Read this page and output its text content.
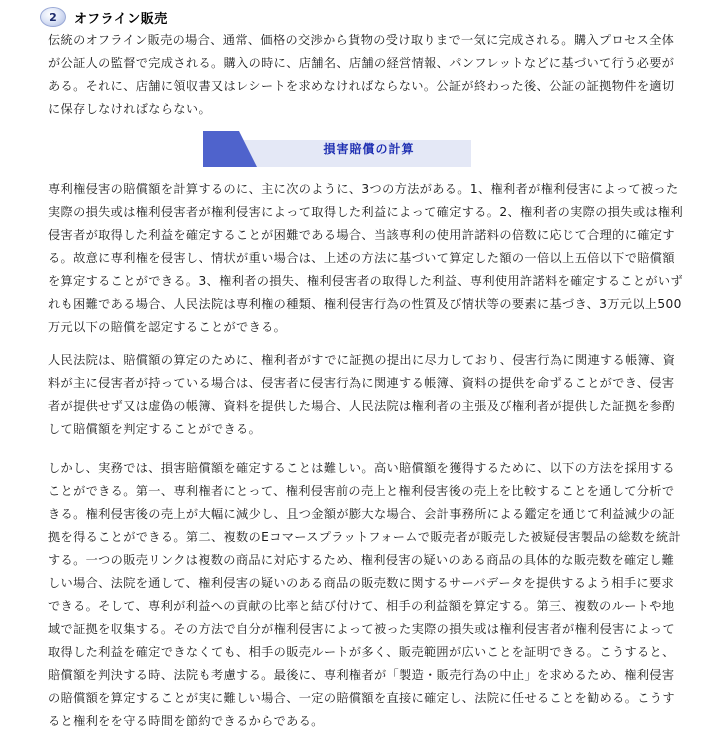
2	オフライン販売

伝統のオフライン販売の場合、通常、価格の交渉から貨物の受け取りまで一気に完成される。購入プロセス全体が公証人の監督で完成される。購入の時に、店舗名、店舗の経営情報、パンフレットなどに基づいて行う必要がある。それに、店舗に領収書又はレシートを求めなければならない。公証が終わった後、公証の証拠物件を適切に保存しなければならない。

損害賠償の計算

専利権侵害の賠償額を計算するのに、主に次のように、3つの方法がある。1、権利者が権利侵害によって被った実際の損失或は権利侵害者が権利侵害によって取得した利益によって確定する。2、権利者の実際の損失或は権利侵害者が取得した利益を確定することが困難である場合、当該専利の使用許諾料の倍数に応じて合理的に確定する。故意に専利権を侵害し、情状が重い場合は、上述の方法に基づいて算定した額の一倍以上五倍以下で賠償額を算定することができる。3、権利者の損失、権利侵害者の取得した利益、専利使用許諾料を確定することがいずれも困難である場合、人民法院は専利権の種類、権利侵害行為の性質及び情状等の要素に基づき、3万元以上500万元以下の賠償を認定することができる。

人民法院は、賠償額の算定のために、権利者がすでに証拠の提出に尽力しており、侵害行為に関連する帳簿、資料が主に侵害者が持っている場合は、侵害者に侵害行為に関連する帳簿、資料の提供を命ずることができ、侵害者が提供せず又は虚偽の帳簿、資料を提供した場合、人民法院は権利者の主張及び権利者が提供した証拠を参酌して賠償額を判定することができる。

しかし、実務では、損害賠償額を確定することは難しい。高い賠償額を獲得するために、以下の方法を採用することができる。第一、専利権者にとって、権利侵害前の売上と権利侵害後の売上を比較することを通して分析できる。権利侵害後の売上が大幅に減少し、且つ金額が膨大な場合、会計事務所による鑑定を通じて利益減少の証拠を得ることができる。第二、複数のEコマースプラットフォームで販売者が販売した被疑侵害製品の総数を統計する。一つの販売リンクは複数の商品に対応するため、権利侵害の疑いのある商品の具体的な販売数を確定し難しい場合、法院を通して、権利侵害の疑いのある商品の販売数に関するサーバデータを提供するよう相手に要求できる。そして、専利が利益への貢献の比率と結び付けて、相手の利益額を算定する。第三、複数のルートや地域で証拠を収集する。その方法で自分が権利侵害によって被った実際の損失或は権利侵害者が権利侵害によって取得した利益を確定できなくても、相手の販売ルートが多く、販売範囲が広いことを証明できる。こうすると、賠償額を判決する時、法院も考慮する。最後に、専利権者が「製造・販売行為の中止」を求めるため、権利侵害の賠償額を算定することが実に難しい場合、一定の賠償額を直接に確定し、法院に任せることを勧める。こうすると権利をを守る時間を節約できるからである。
